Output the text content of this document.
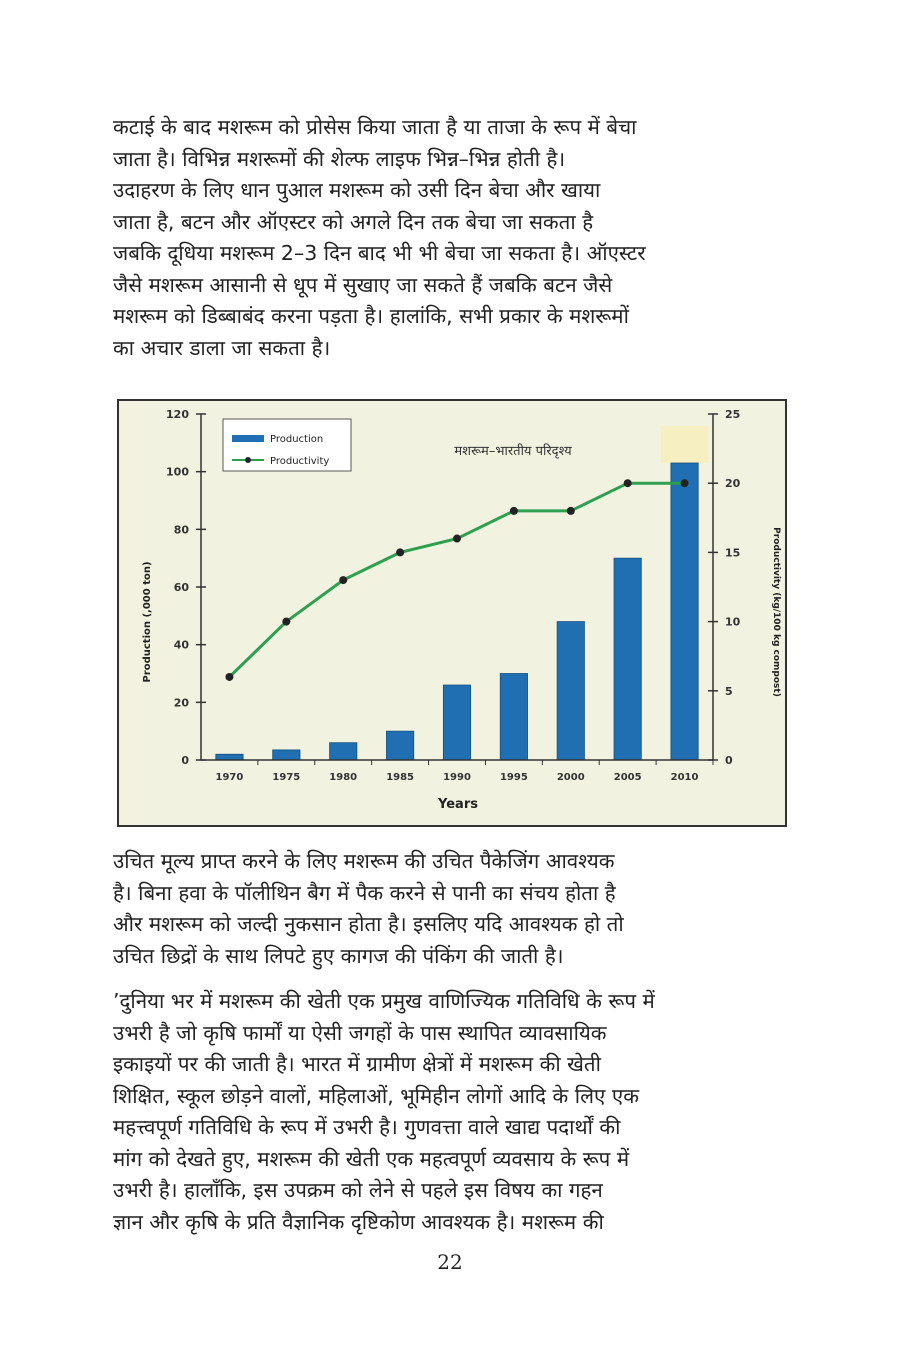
कटाई के बाद मशरूम को प्रोसेस किया जाता है या ताजा के रूप में बेचा
जाता है। विभिन्न मशरूमों की शेल्फ लाइफ भिन्न–भिन्न होती है।
उदाहरण के लिए धान पुआल मशरूम को उसी दिन बेचा और खाया
जाता है, बटन और ऑएस्टर को अगले दिन तक बेचा जा सकता है
जबकि दूधिया मशरूम 2–3 दिन बाद भी भी बेचा जा सकता है। ऑएस्टर
जैसे मशरूम आसानी से धूप में सुखाए जा सकते हैं जबकि बटन जैसे
मशरूम को डिब्बाबंद करना पड़ता है। हालांकि, सभी प्रकार के मशरूमों
का अचार डाला जा सकता है।
0
20
40
60
80
100
120
0
5
10
15
20
25
1970	1975	1980	1985	1990	1995	2000	2005	2010
मशरूम–भारतीय परिदृश्य
Production
Productivity
Years
Production (,000 ton)	Productivity (kg/100 kg compost)
उचित मूल्य प्राप्त करने के लिए मशरूम की उचित पैकेजिंग आवश्यक
है। बिना हवा के पॉलीथिन बैग में पैक करने से पानी का संचय होता है
और मशरूम को जल्दी नुकसान होता है। इसलिए यदि आवश्यक हो तो
उचित छिद्रों के साथ लिपटे हुए कागज की पंकिंग की जाती है।
’दुनिया भर में मशरूम की खेती एक प्रमुख वाणिज्यिक गतिविधि के रूप में
उभरी है जो कृषि फार्मों या ऐसी जगहों के पास स्थापित व्यावसायिक
इकाइयों पर की जाती है। भारत में ग्रामीण क्षेत्रों में मशरूम की खेती
शिक्षित, स्कूल छोड़ने वालों, महिलाओं, भूमिहीन लोगों आदि के लिए एक
महत्त्वपूर्ण गतिविधि के रूप में उभरी है। गुणवत्ता वाले खाद्य पदार्थों की
मांग को देखते हुए, मशरूम की खेती एक महत्वपूर्ण व्यवसाय के रूप में
उभरी है। हालाँकि, इस उपक्रम को लेने से पहले इस विषय का गहन
ज्ञान और कृषि के प्रति वैज्ञानिक दृष्टिकोण आवश्यक है। मशरूम की
22
